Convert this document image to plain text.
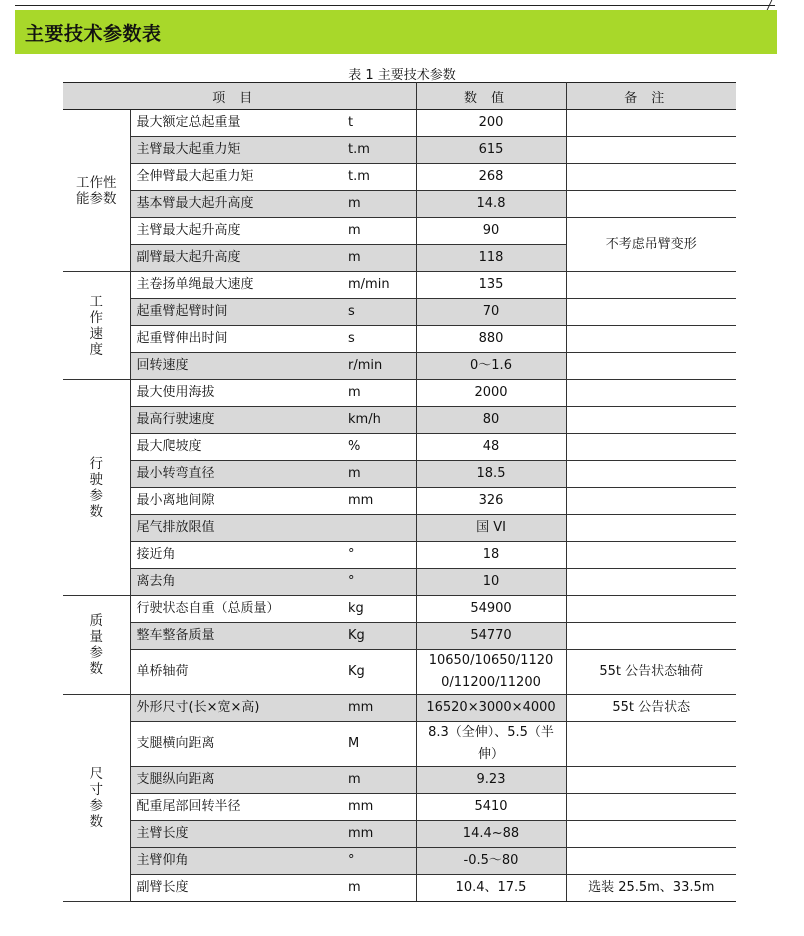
主要技术参数表
表 1 主要技术参数
项目			数值	备注
工作性能参数	最大额定总起重量	t	200	
	主臂最大起重力矩	t.m	615	
	全伸臂最大起重力矩	t.m	268	
	基本臂最大起升高度	m	14.8	
	主臂最大起升高度	m	90	不考虑吊臂变形
	副臂最大起升高度	m	118	
工作速度	主卷扬单绳最大速度	m/min	135	
	起重臂起臂时间	s	70	
	起重臂伸出时间	s	880	
	回转速度	r/min	0～1.6	
行驶参数	最大使用海拔	m	2000	
	最高行驶速度	km/h	80	
	最大爬坡度	%	48	
	最小转弯直径	m	18.5	
	最小离地间隙	mm	326	
	尾气排放限值		国 VI	
	接近角	°	18	
	离去角	°	10	
质量参数	行驶状态自重（总质量）	kg	54900	
	整车整备质量	Kg	54770	
	单桥轴荷	Kg	10650/10650/11200/11200/11200	55t 公告状态轴荷
尺寸参数	外形尺寸(长×宽×高)	mm	16520×3000×4000	55t 公告状态
	支腿横向距离	M	8.3（全伸）、5.5（半伸）	
	支腿纵向距离	m	9.23	
	配重尾部回转半径	mm	5410	
	主臂长度	mm	14.4~88	
	主臂仰角	°	-0.5～80	
	副臂长度	m	10.4、17.5	选装 25.5m、33.5m
